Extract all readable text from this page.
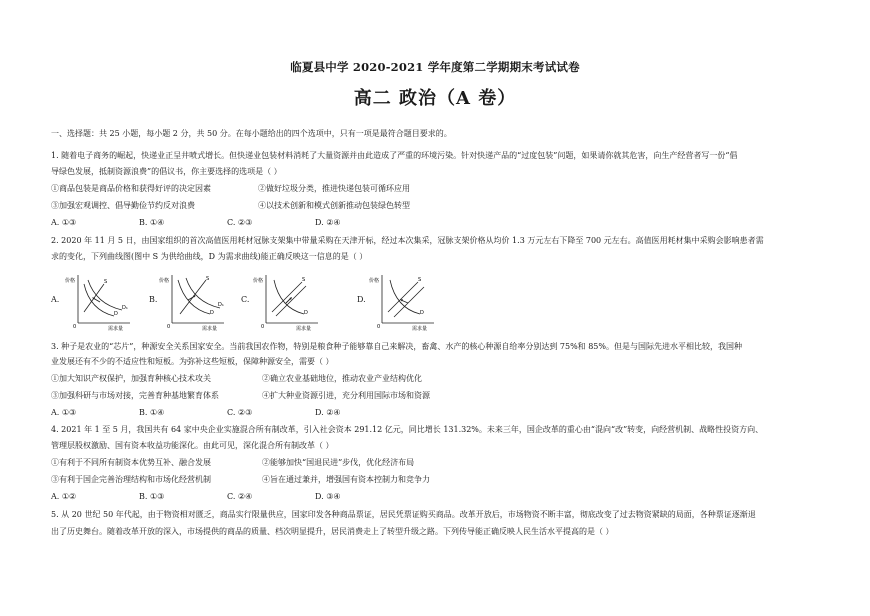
临夏县中学 2020-2021 学年度第二学期期末考试试卷
高二 政治（A 卷）
一、选择题：共 25 小题，每小题 2 分，共 50 分。在每小题给出的四个选项中，只有一项是最符合题目要求的。
1. 随着电子商务的崛起，快递业正呈井喷式增长。但快递业包装材料消耗了大量资源并由此造成了严重的环境污染。针对快递产品的“过度包装”问题，如果请你就其危害，向生产经营者写一份“倡
导绿色发展，抵制资源浪费”的倡议书，你主要选择的选项是（ ）
①商品包装是商品价格和获得好评的决定因素	②做好垃圾分类，推进快递包装可循环应用
③加强宏观调控、倡导勤俭节约反对浪费	④以技术创新和模式创新推动包装绿色转型
A. ①③	B. ①④	C. ②③	D. ②④
2. 2020 年 11 月 5 日，由国家组织的首次高值医用耗材冠脉支架集中带量采购在天津开标，经过本次集采，冠脉支架价格从均价 1.3 万元左右下降至 700 元左右。高值医用耗材集中采购会影响患者需
求的变化，下列曲线图(图中 S 为供给曲线，D 为需求曲线)能正确反映这一信息的是（ ）
A.	B.	C.	D.
价格
需求量
0
S
D
D₁
价格
需求量
0
S
D
D₁
价格
需求量
0
S
D
价格
需求量
0
S
D
3. 种子是农业的“芯片”，种源安全关系国家安全。当前我国农作物，特别是粮食种子能够靠自己来解决，畜禽、水产的核心种源自给率分别达到 75%和 85%。但是与国际先进水平相比较，我国种
业发展还有不少的不适应性和短板。为弥补这些短板，保障种源安全，需要（ ）
①加大知识产权保护，加强育种核心技术攻关	②确立农业基础地位，推动农业产业结构优化
③加强科研与市场对接，完善育种基地繁育体系	④扩大种业资源引进，充分利用国际市场和资源
A. ①③	B. ①④	C. ②③	D. ②④
4. 2021 年 1 至 5 月，我国共有 64 家中央企业实施混合所有制改革，引入社会资本 291.12 亿元，同比增长 131.32%。未来三年，国企改革的重心由“混向“改”转变，向经营机制、战略性投资方向、
管理层股权激励、国有资本收益功能深化。由此可见，深化混合所有制改革（ ）
①有利于不同所有制资本优势互补、融合发展	②能够加快“国退民进”步伐，优化经济布局
③有利于国企完善治理结构和市场化经营机制	④旨在通过兼并，增强国有资本控制力和竞争力
A. ①②	B. ①③	C. ②④	D. ③④
5. 从 20 世纪 50 年代起，由于物资相对匮乏，商品实行限量供应，国家印发各种商品票证，居民凭票证购买商品。改革开放后，市场物资不断丰富，彻底改变了过去物资紧缺的局面，各种票证逐渐退
出了历史舞台。随着改革开放的深入，市场提供的商品的质量、档次明显提升，居民消费走上了转型升级之路。下列传导能正确反映人民生活水平提高的是（ ）
